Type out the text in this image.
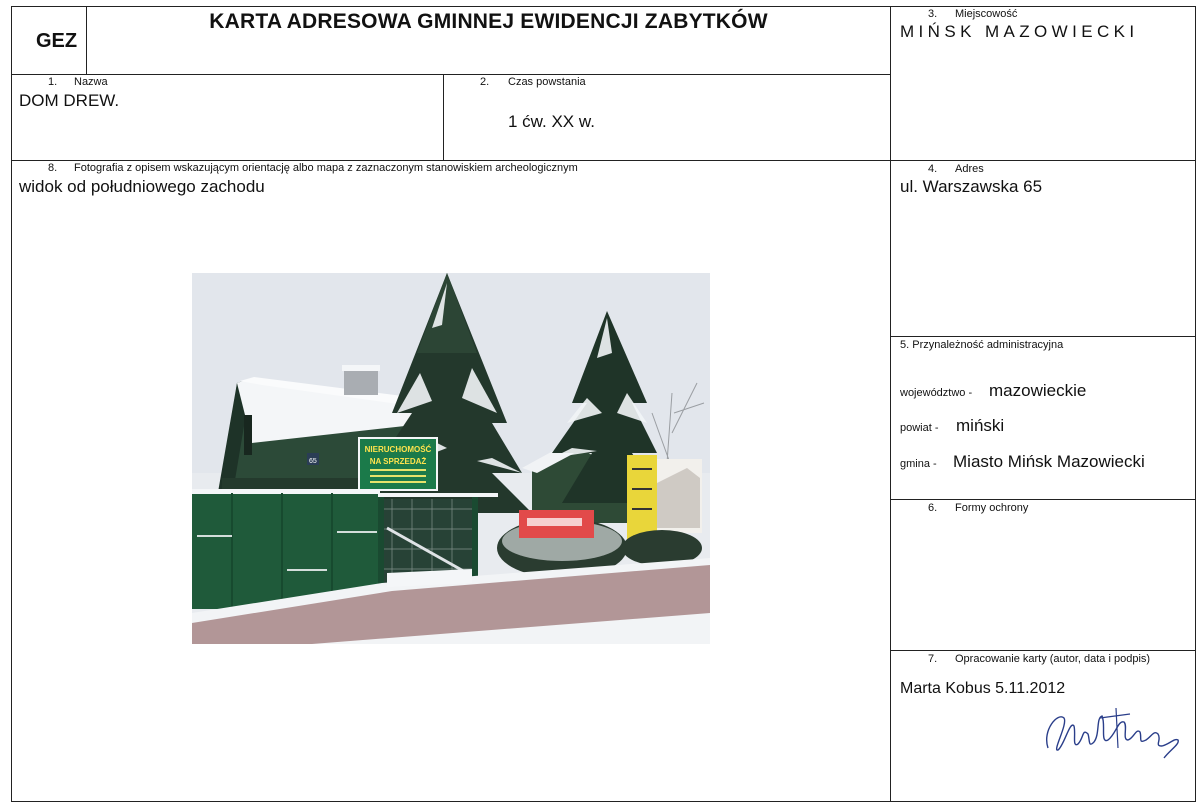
GEZ
KARTA ADRESOWA GMINNEJ EWIDENCJI ZABYTKÓW	3. Miejscowość
MIŃSK MAZOWIECKI
1. Nazwa
DOM DREW.
2. Czas powstania
1 ćw. XX w.
8. Fotografia z opisem wskazującym orientację albo mapa z zaznaczonym stanowiskiem archeologicznym
widok od południowego zachodu
65
NIERUCHOMOŚĆ
NA SPRZEDAŻ
4. Adres
ul. Warszawska 65
5. Przynależność administracyjna
województwo - mazowieckie
powiat - miński
gmina - Miasto Mińsk Mazowiecki
6. Formy ochrony
7. Opracowanie karty (autor, data i podpis)
Marta Kobus 5.11.2012
